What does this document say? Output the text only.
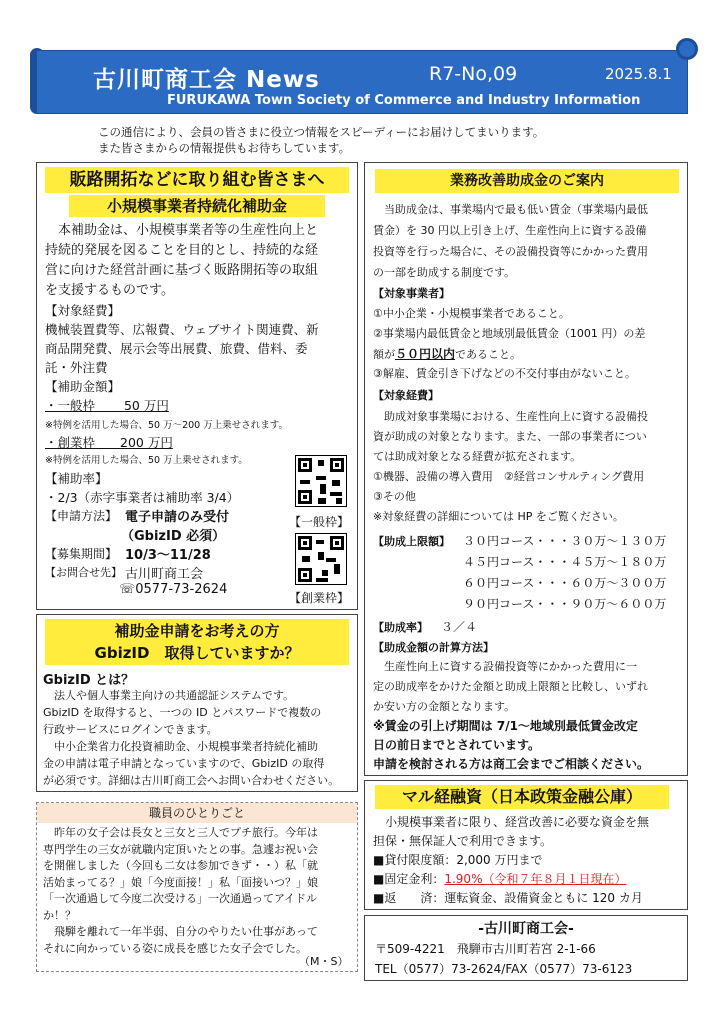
古川町商工会 News	R7-No,09	2025.8.1
FURUKAWA Town Society of Commerce and Industry Information
この通信により、会員の皆さまに役立つ情報をスピーディーにお届けしてまいります。
また皆さまからの情報提供もお待ちしています。
販路開拓などに取り組む皆さまへ
小規模事業者持続化補助金
　本補助金は、小規模事業者等の生産性向上と
持続的発展を図ることを目的とし、持続的な経
営に向けた経営計画に基づく販路開拓等の取組
を支援するものです。
【対象経費】
機械装置費等、広報費、ウェブサイト関連費、新
商品開発費、展示会等出展費、旅費、借料、委
託・外注費
【補助金額】
・一般枠　　 50 万円
※特例を活用した場合、50 万～200 万上乗せされます。
・創業枠　　200 万円
※特例を活用した場合、50 万上乗せされます。
【補助率】
・2/3（赤字事業者は補助率 3/4）
【申請方法】 電子申請のみ受付
（GbizID 必須）
【募集期間】 10/3～11/28
【お問合せ先】 古川町商工会
☏0577-73-2624
【一般枠】
【創業枠】
補助金申請をお考えの方
GbizID　取得していますか？
GbizID とは？
　法人や個人事業主向けの共通認証システムです。
GbizID を取得すると、一つの ID とパスワードで複数の
行政サービスにログインできます。
　中小企業省力化投資補助金、小規模事業者持続化補助
金の申請は電子申請となっていますので、GbizID の取得
が必須です。詳細は古川町商工会へお問い合わせください。
職員のひとりごと
　昨年の女子会は長女と三女と三人でプチ旅行。今年は
専門学生の三女が就職内定頂いたとの事。急遽お祝い会
を開催しました（今回も二女は参加できず・・）私「就
活始まってる？」娘「今度面接！」私「面接いつ？」娘
「一次通過して今度二次受ける」一次通過ってアイドル
か！？
　飛騨を離れて一年半弱、自分のやりたい仕事があって
それに向かっている姿に成長を感じた女子会でした。
（M・S）
業務改善助成金のご案内
　当助成金は、事業場内で最も低い賃金（事業場内最低
賃金）を 30 円以上引き上げ、生産性向上に資する設備
投資等を行った場合に、その設備投資等にかかった費用
の一部を助成する制度です。
【対象事業者】
①中小企業・小規模事業者であること。
②事業場内最低賃金と地域別最低賃金（1001 円）の差
額が５０円以内であること。
③解雇、賃金引き下げなどの不交付事由がないこと。
【対象経費】
　助成対象事業場における、生産性向上に資する設備投
資が助成の対象となります。また、一部の事業者につい
ては助成対象となる経費が拡充されます。
①機器、設備の導入費用　②経営コンサルティング費用
③その他
※対象経費の詳細については HP をご覧ください。
【助成上限額】 ３０円コース・・・３０万～１３０万
４５円コース・・・４５万～１８０万
６０円コース・・・６０万～３００万
９０円コース・・・９０万～６００万
【助成率】 ３／４
【助成金額の計算方法】
　生産性向上に資する設備投資等にかかった費用に一
定の助成率をかけた金額と助成上限額と比較し、いずれ
か安い方の金額となります。
※賃金の引上げ期間は 7/1～地域別最低賃金改定
日の前日までとされています。
申請を検討される方は商工会までご相談ください。
マル経融資（日本政策金融公庫）
　小規模事業者に限り、経営改善に必要な資金を無
担保・無保証人で利用できます。
■貸付限度額：2,000 万円まで
■固定金利：1.90%（令和７年８月１日現在）
■返　　済：運転資金、設備資金ともに 120 カ月
-古川町商工会-
〒509-4221　飛騨市古川町若宮 2-1-66
TEL（0577）73-2624/FAX（0577）73-6123
